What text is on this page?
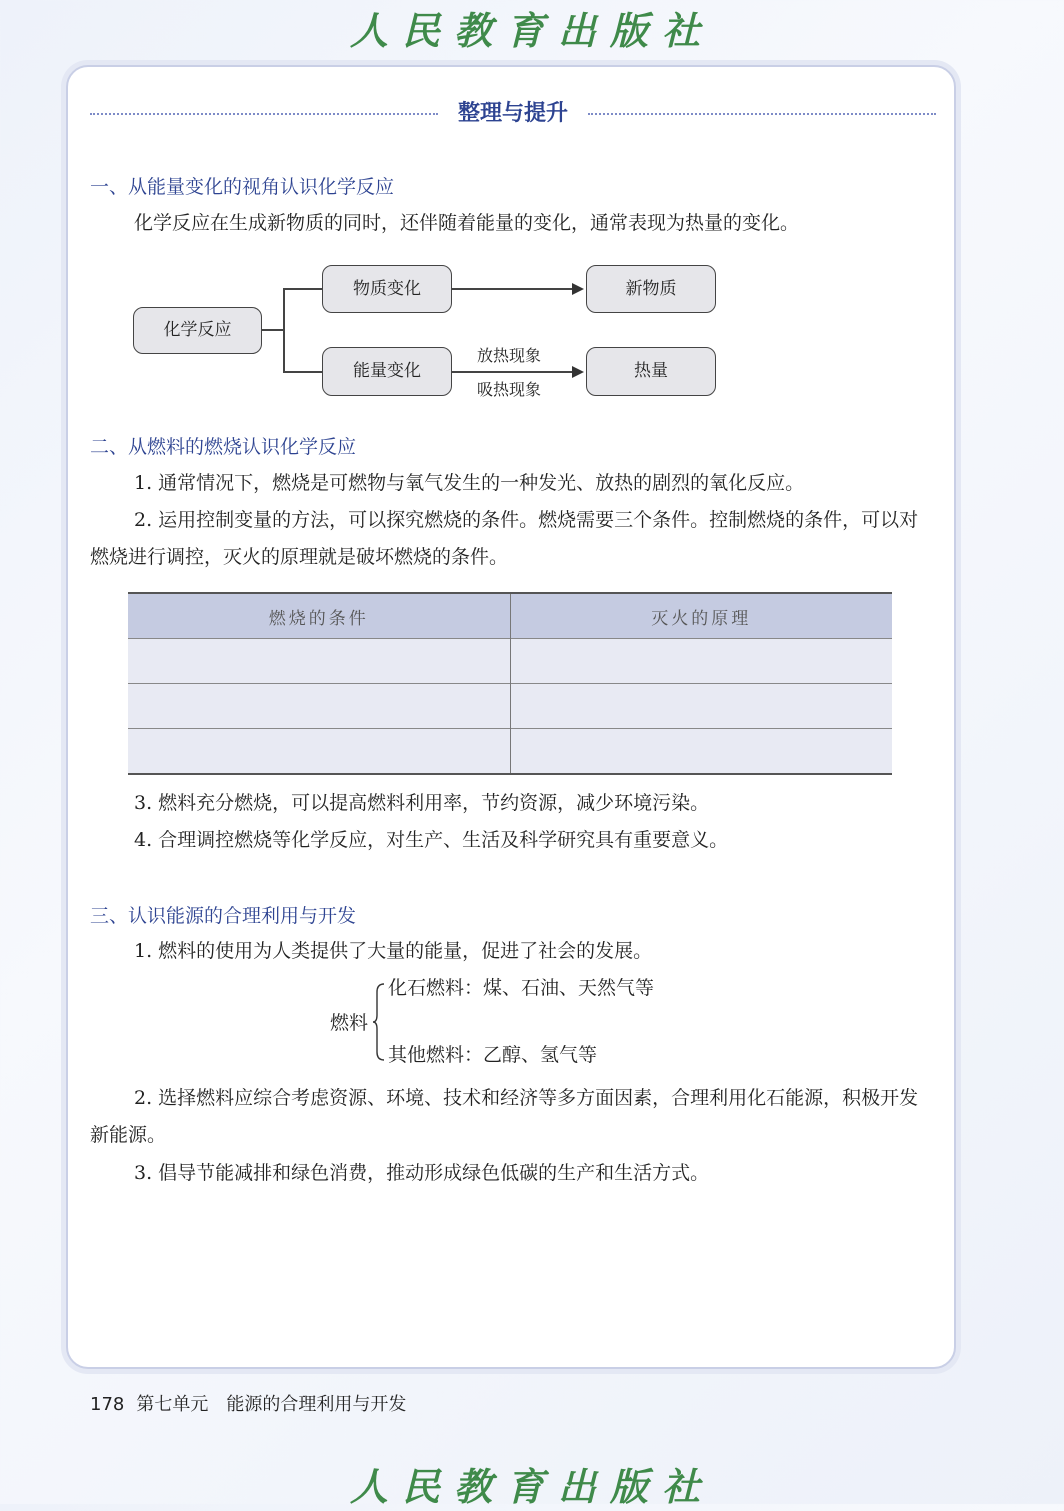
人民教育出版社
整理与提升
一、从能量变化的视角认识化学反应
化学反应在生成新物质的同时，还伴随着能量的变化，通常表现为热量的变化。
化学反应
物质变化	新物质
能量变化
放热现象
吸热现象
热量
二、从燃料的燃烧认识化学反应
1. 通常情况下，燃烧是可燃物与氧气发生的一种发光、放热的剧烈的氧化反应。
2. 运用控制变量的方法，可以探究燃烧的条件。燃烧需要三个条件。控制燃烧的条件，可以对燃烧进行调控，灭火的原理就是破坏燃烧的条件。
燃烧的条件	灭火的原理

3. 燃料充分燃烧，可以提高燃料利用率，节约资源，减少环境污染。
4. 合理调控燃烧等化学反应，对生产、生活及科学研究具有重要意义。
三、认识能源的合理利用与开发
1. 燃料的使用为人类提供了大量的能量，促进了社会的发展。
燃料
化石燃料：煤、石油、天然气等
其他燃料：乙醇、氢气等
2. 选择燃料应综合考虑资源、环境、技术和经济等多方面因素，合理利用化石能源，积极开发新能源。
3. 倡导节能减排和绿色消费，推动形成绿色低碳的生产和生活方式。
178 第七单元 能源的合理利用与开发
人民教育出版社
